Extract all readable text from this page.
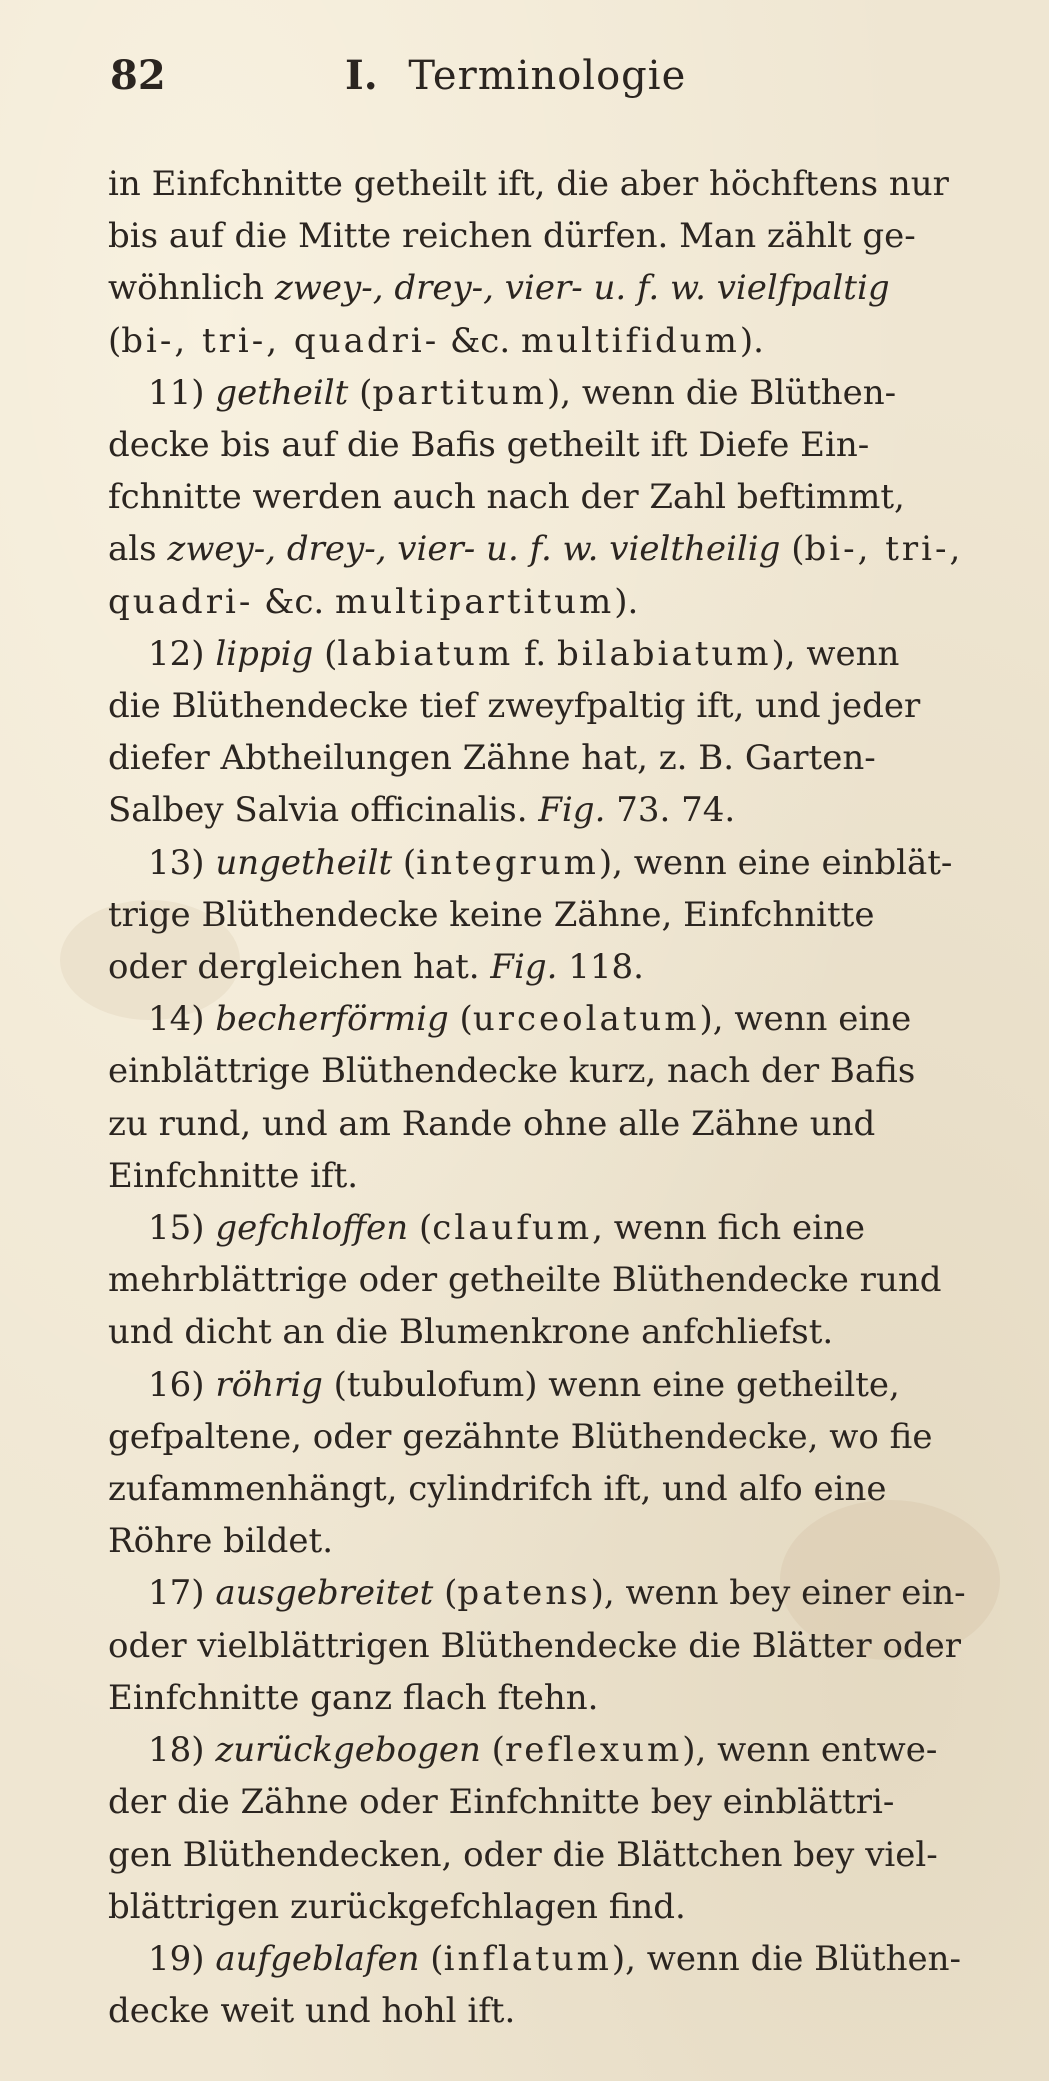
82	I. Terminologie
in Einfchnitte getheilt ift, die aber höchftens nur
bis auf die Mitte reichen dürfen. Man zählt ge-
wöhnlich zwey-, drey-, vier- u. f. w. vielfpaltig
(bi-, tri-, quadri- &c. multifidum).
11) getheilt (partitum), wenn die Blüthen-
decke bis auf die Bafis getheilt ift Diefe Ein-
fchnitte werden auch nach der Zahl beftimmt,
als zwey-, drey-, vier- u. f. w. vieltheilig (bi-, tri-,
quadri- &c. multipartitum).
12) lippig (labiatum f. bilabiatum), wenn
die Blüthendecke tief zweyfpaltig ift, und jeder
diefer Abtheilungen Zähne hat, z. B. Garten-
Salbey Salvia officinalis. Fig. 73. 74.
13) ungetheilt (integrum), wenn eine einblät-
trige Blüthendecke keine Zähne, Einfchnitte
oder dergleichen hat. Fig. 118.
14) becherförmig (urceolatum), wenn eine
einblättrige Blüthendecke kurz, nach der Bafis
zu rund, und am Rande ohne alle Zähne und
Einfchnitte ift.
15) gefchloffen (claufum, wenn fich eine
mehrblättrige oder getheilte Blüthendecke rund
und dicht an die Blumenkrone anfchliefst.
16) röhrig (tubulofum) wenn eine getheilte,
gefpaltene, oder gezähnte Blüthendecke, wo fie
zufammenhängt, cylindrifch ift, und alfo eine
Röhre bildet.
17) ausgebreitet (patens), wenn bey einer ein-
oder vielblättrigen Blüthendecke die Blätter oder
Einfchnitte ganz flach ftehn.
18) zurückgebogen (reflexum), wenn entwe-
der die Zähne oder Einfchnitte bey einblättri-
gen Blüthendecken, oder die Blättchen bey viel-
blättrigen zurückgefchlagen find.
19) aufgeblafen (inflatum), wenn die Blüthen-
decke weit und hohl ift.
